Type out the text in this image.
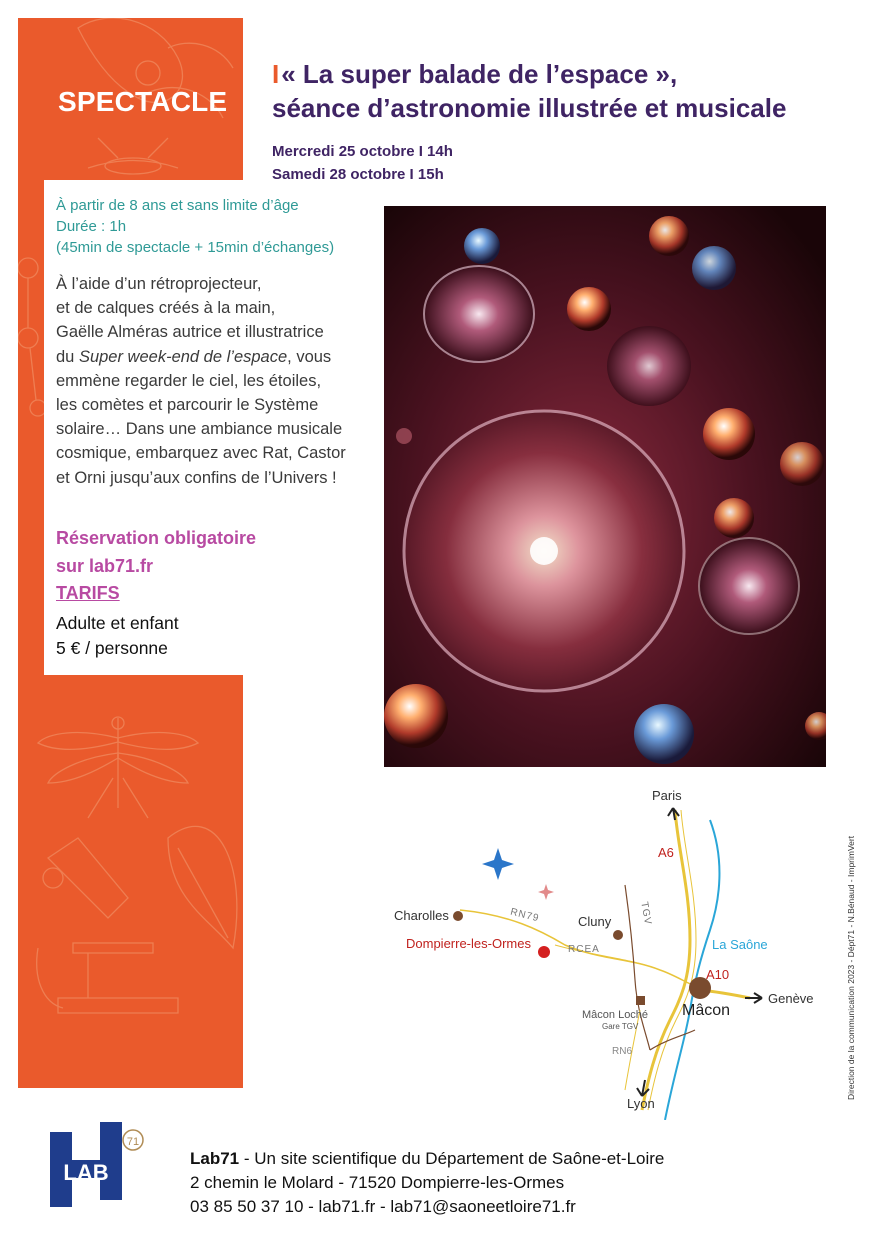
SPECTACLE
À partir de 8 ans et sans limite d’âge
Durée : 1h
(45min de spectacle + 15min d’échanges)
À l’aide d’un rétroprojecteur,
et de calques créés à la main,
Gaëlle Alméras autrice et illustratrice
du Super week-end de l’espace, vous
emmène regarder le ciel, les étoiles,
les comètes et parcourir le Système
solaire… Dans une ambiance musicale
cosmique, embarquez avec Rat, Castor
et Orni jusqu’aux confins de l’Univers !
Réservation obligatoire
sur lab71.fr
TARIFS
Adulte et enfant
5 € / personne
I« La super balade de l’espace »,
séance d’astronomie illustrée et musicale
Mercredi 25 octobre I 14h
Samedi 28 octobre I 15h
Paris
A6
Charolles	RN79	Cluny	TGV
Dompierre-les-Ormes	RCEA	La Saône
A10
Genève
Mâcon
Mâcon Loché
Gare TGV
RN6
Lyon
Direction de la communication 2023 - Dépt71 - N.Bénaud - ImprimVert
LAB
71
Lab71 - Un site scientifique du Département de Saône-et-Loire
2 chemin le Molard - 71520 Dompierre-les-Ormes
03 85 50 37 10 - lab71.fr - lab71@saoneetloire71.fr
